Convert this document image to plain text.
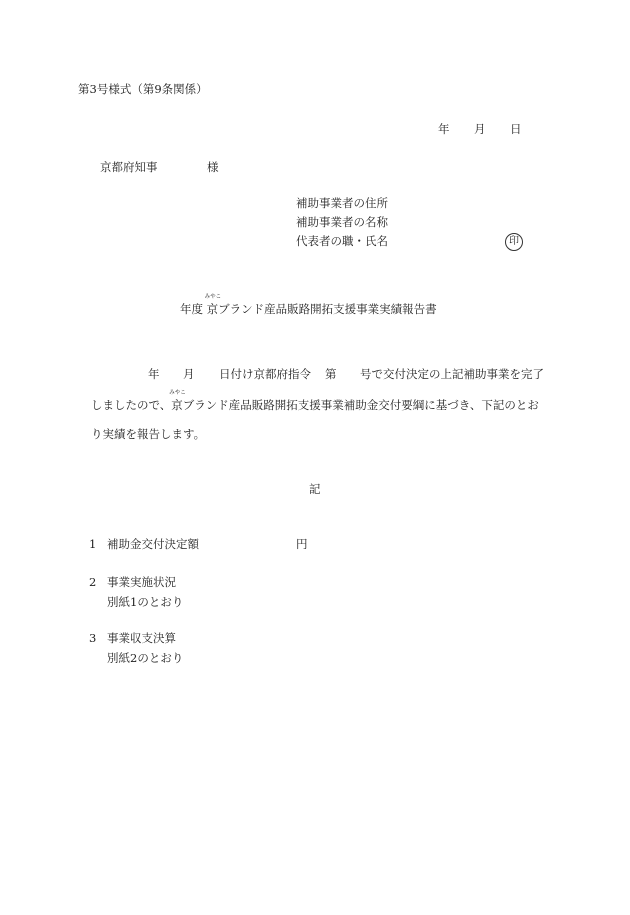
第3号様式（第9条関係）
年 月 日
京都府知事	様
補助事業者の住所
補助事業者の名称
代表者の職・氏名	印
年度
みやこ
京ブランド産品販路開拓支援事業実績報告書
年 月 日付け京都府指令 第 号で交付決定の上記補助事業を完了
しましたので、
みやこ
京ブランド産品販路開拓支援事業補助金交付要綱に基づき、下記のとお
り実績を報告します。
記
1 補助金交付決定額	円
2 事業実施状況
別紙1のとおり
3 事業収支決算
別紙2のとおり
